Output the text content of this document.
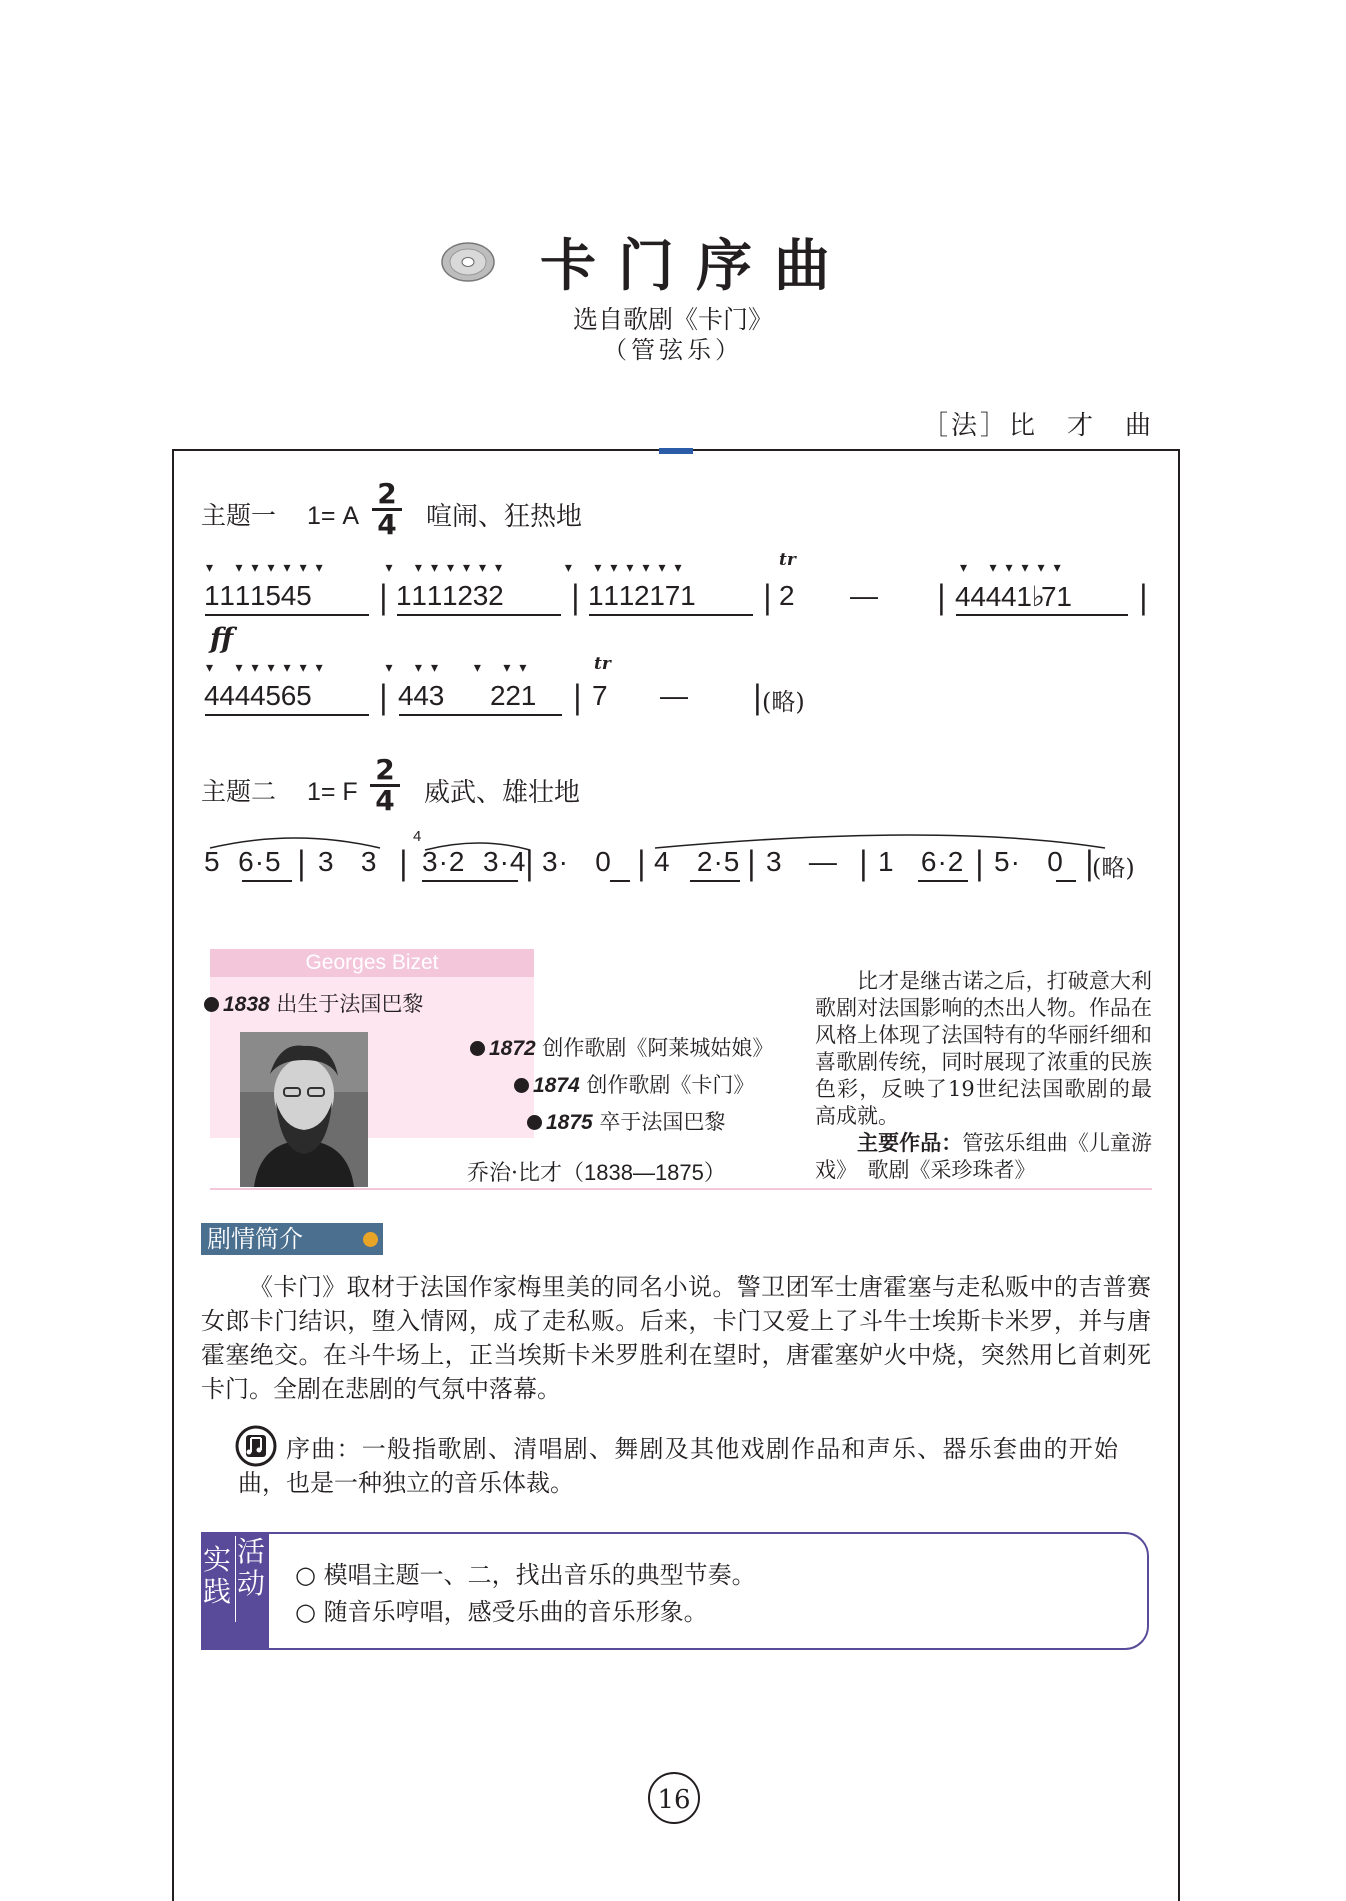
卡门序曲
选自歌剧《卡门》
（管弦乐）
［法］比　才　曲
主题一 1= A
2
4 喧闹、狂热地
▾ ▾▾▾▾▾▾    ▾ ▾▾▾▾▾▾    ▾ ▾▾▾▾▾▾	▾ ▾▾▾▾▾
tr
1 1 1 1 5 4 5 | 1 1 1 1 2 3 2 | 1 1 1 2 1 7 1 | 2 — | 4 4 4 4 1 ♭7 1 |
ff
▾ ▾▾▾▾▾▾    ▾ ▾▾  ▾ ▾▾	tr
4 4 4 4 5 6 5 | 4 4 3 2 2 1 | 7 — | (略)
主题二 1= F
2
4 威武、雄壮地
4
5  6·5 | 3   3 | 3·2  3·4
| 3·   0 | 4   2·5 | 3   — | 1   6·2 | 5·   0 |
(略)
Georges Bizet
1838 出生于法国巴黎
1872 创作歌剧《阿莱城姑娘》
1874 创作歌剧《卡门》
1875 卒于法国巴黎
乔治·比才（1838—1875）
比才是继古诺之后，打破意大利歌剧对法国影响的杰出人物。作品在风格上体现了法国特有的华丽纤细和喜歌剧传统，同时展现了浓重的民族色彩，反映了19世纪法国歌剧的最高成就。
主要作品：管弦乐组曲《儿童游戏》　歌剧《采珍珠者》
剧情简介
《卡门》取材于法国作家梅里美的同名小说。警卫团军士唐霍塞与走私贩中的吉普赛女郎卡门结识，堕入情网，成了走私贩。后来，卡门又爱上了斗牛士埃斯卡米罗，并与唐霍塞绝交。在斗牛场上，正当埃斯卡米罗胜利在望时，唐霍塞妒火中烧，突然用匕首刺死卡门。全剧在悲剧的气氛中落幕。
序曲：一般指歌剧、清唱剧、舞剧及其他戏剧作品和声乐、器乐套曲的开始曲，也是一种独立的音乐体裁。
实践
活动 ○ 模唱主题一、二，找出音乐的典型节奏。
○ 随音乐哼唱，感受乐曲的音乐形象。
16
